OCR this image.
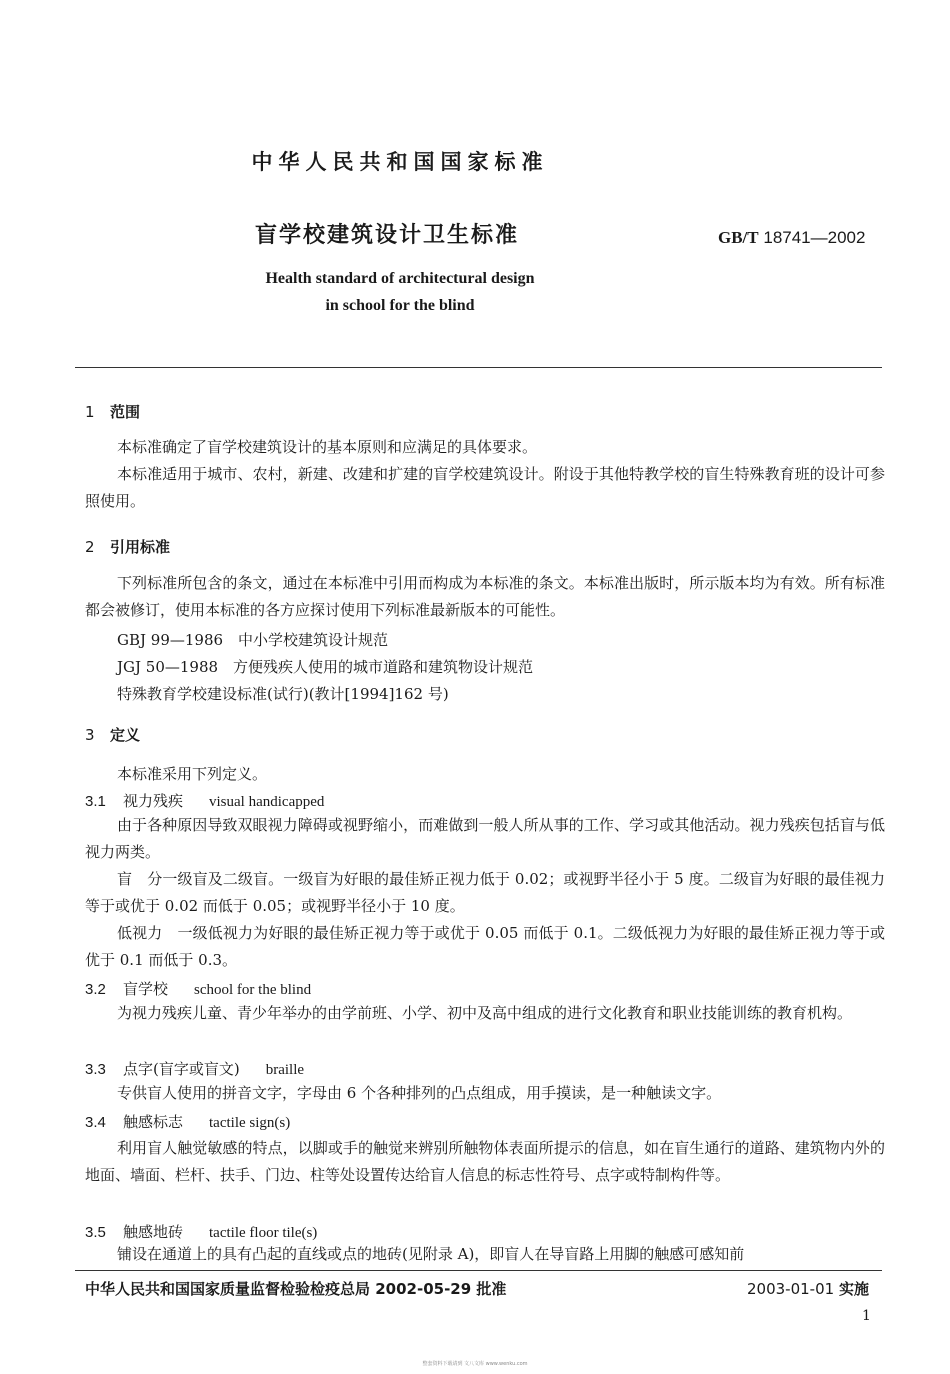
中华人民共和国国家标准
盲学校建筑设计卫生标准	GB/T 18741—2002
Health standard of architectural design
in school for the blind
1 范围

本标准确定了盲学校建筑设计的基本原则和应满足的具体要求。

本标准适用于城市、农村，新建、改建和扩建的盲学校建筑设计。附设于其他特教学校的盲生特殊教育班的设计可参照使用。

2 引用标准

下列标准所包含的条文，通过在本标准中引用而构成为本标准的条文。本标准出版时，所示版本均为有效。所有标准都会被修订，使用本标准的各方应探讨使用下列标准最新版本的可能性。

GBJ 99—1986　中小学校建筑设计规范
JGJ 50—1988　方便残疾人使用的城市道路和建筑物设计规范
特殊教育学校建设标准(试行)(教计[1994]162 号)
3 定义
本标准采用下列定义。
3.1 视力残疾 visual handicapped

由于各种原因导致双眼视力障碍或视野缩小，而难做到一般人所从事的工作、学习或其他活动。视力残疾包括盲与低视力两类。

盲　分一级盲及二级盲。一级盲为好眼的最佳矫正视力低于 0.02；或视野半径小于 5 度。二级盲为好眼的最佳视力等于或优于 0.02 而低于 0.05；或视野半径小于 10 度。

低视力　一级低视力为好眼的最佳矫正视力等于或优于 0.05 而低于 0.1。二级低视力为好眼的最佳矫正视力等于或优于 0.1 而低于 0.3。

3.2 盲学校 school for the blind

为视力残疾儿童、青少年举办的由学前班、小学、初中及高中组成的进行文化教育和职业技能训练的教育机构。

3.3 点字(盲字或盲文) braille

专供盲人使用的拼音文字，字母由 6 个各种排列的凸点组成，用手摸读，是一种触读文字。

3.4 触感标志 tactile sign(s)

利用盲人触觉敏感的特点，以脚或手的触觉来辨别所触物体表面所提示的信息，如在盲生通行的道路、建筑物内外的地面、墙面、栏杆、扶手、门边、柱等处设置传达给盲人信息的标志性符号、点字或特制构件等。

3.5 触感地砖 tactile floor tile(s)

铺设在通道上的具有凸起的直线或点的地砖(见附录 A)，即盲人在导盲路上用脚的触感可感知前

中华人民共和国国家质量监督检验检疫总局 2002-05-29 批准	2003-01-01 实施
1
整套资料下载请到 文八文库 www.wenku.com
